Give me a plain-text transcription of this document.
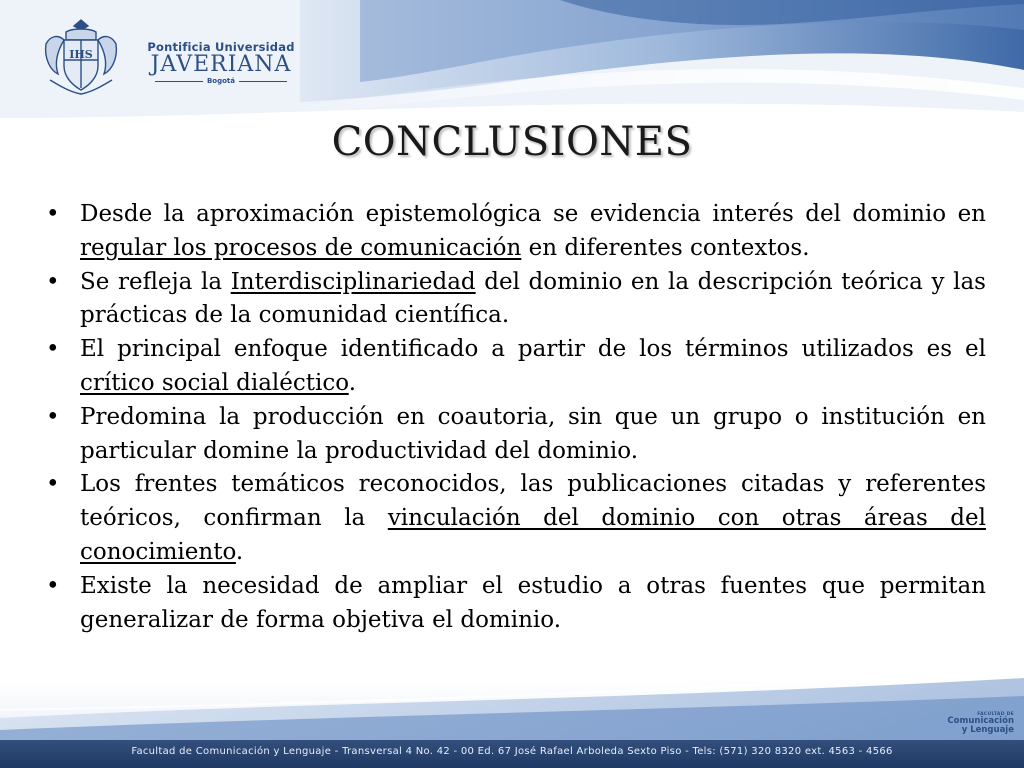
IHS
Pontificia Universidad
JAVERIANA
Bogotá
CONCLUSIONES
• Desde la aproximación epistemológica se evidencia interés del dominio en regular los procesos de comunicación en diferentes contextos.
• Se refleja la Interdisciplinariedad del dominio en la descripción teórica y las prácticas de la comunidad científica.
• El principal enfoque identificado a partir de los términos utilizados es el crítico social dialéctico.
• Predomina la producción en coautoria, sin que un grupo o institución en particular domine la productividad del dominio.
• Los frentes temáticos reconocidos, las publicaciones citadas y referentes teóricos, confirman la vinculación del dominio con otras áreas del conocimiento.
• Existe la necesidad de ampliar el estudio a otras fuentes que permitan generalizar de forma objetiva el dominio.
FACULTAD DE
Comunicación
y Lenguaje
Facultad de Comunicación y Lenguaje - Transversal 4 No. 42 - 00 Ed. 67 José Rafael Arboleda Sexto Piso - Tels: (571) 320 8320 ext. 4563 - 4566
